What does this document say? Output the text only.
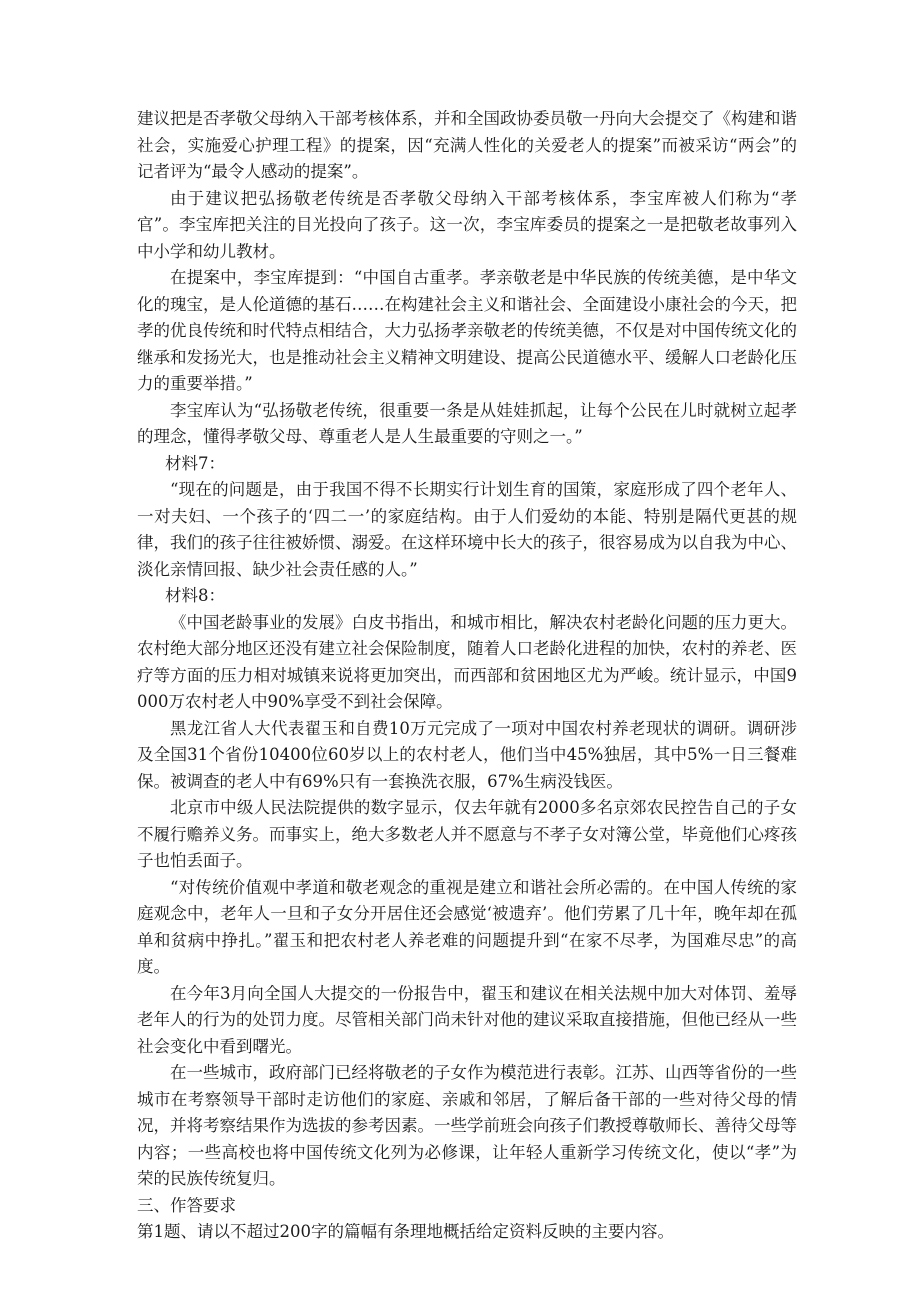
建议把是否孝敬父母纳入干部考核体系，并和全国政协委员敬一丹向大会提交了《构建和谐社会，实施爱心护理工程》的提案，因“充满人性化的关爱老人的提案”而被采访“两会”的记者评为“最令人感动的提案”。

由于建议把弘扬敬老传统是否孝敬父母纳入干部考核体系，李宝库被人们称为“孝官”。李宝库把关注的目光投向了孩子。这一次，李宝库委员的提案之一是把敬老故事列入中小学和幼儿教材。

在提案中，李宝库提到：“中国自古重孝。孝亲敬老是中华民族的传统美德，是中华文化的瑰宝，是人伦道德的基石……在构建社会主义和谐社会、全面建设小康社会的今天，把孝的优良传统和时代特点相结合，大力弘扬孝亲敬老的传统美德，不仅是对中国传统文化的继承和发扬光大，也是推动社会主义精神文明建设、提高公民道德水平、缓解人口老龄化压力的重要举措。”

李宝库认为“弘扬敬老传统，很重要一条是从娃娃抓起，让每个公民在儿时就树立起孝的理念，懂得孝敬父母、尊重老人是人生最重要的守则之一。”

材料7：

“现在的问题是，由于我国不得不长期实行计划生育的国策，家庭形成了四个老年人、一对夫妇、一个孩子的‘四二一’的家庭结构。由于人们爱幼的本能、特别是隔代更甚的规律，我们的孩子往往被娇惯、溺爱。在这样环境中长大的孩子，很容易成为以自我为中心、淡化亲情回报、缺少社会责任感的人。”

材料8：

《中国老龄事业的发展》白皮书指出，和城市相比，解决农村老龄化问题的压力更大。农村绝大部分地区还没有建立社会保险制度，随着人口老龄化进程的加快，农村的养老、医疗等方面的压力相对城镇来说将更加突出，而西部和贫困地区尤为严峻。统计显示，中国9000万农村老人中90%享受不到社会保障。

黑龙江省人大代表翟玉和自费10万元完成了一项对中国农村养老现状的调研。调研涉及全国31个省份10400位60岁以上的农村老人，他们当中45%独居，其中5%一日三餐难保。被调查的老人中有69%只有一套换洗衣服，67%生病没钱医。

北京市中级人民法院提供的数字显示，仅去年就有2000多名京郊农民控告自己的子女不履行赡养义务。而事实上，绝大多数老人并不愿意与不孝子女对簿公堂，毕竟他们心疼孩子也怕丢面子。

“对传统价值观中孝道和敬老观念的重视是建立和谐社会所必需的。在中国人传统的家庭观念中，老年人一旦和子女分开居住还会感觉‘被遗弃’。他们劳累了几十年，晚年却在孤单和贫病中挣扎。”翟玉和把农村老人养老难的问题提升到“在家不尽孝，为国难尽忠”的高度。

在今年3月向全国人大提交的一份报告中，翟玉和建议在相关法规中加大对体罚、羞辱老年人的行为的处罚力度。尽管相关部门尚未针对他的建议采取直接措施，但他已经从一些社会变化中看到曙光。

在一些城市，政府部门已经将敬老的子女作为模范进行表彰。江苏、山西等省份的一些城市在考察领导干部时走访他们的家庭、亲戚和邻居，了解后备干部的一些对待父母的情况，并将考察结果作为选拔的参考因素。一些学前班会向孩子们教授尊敬师长、善待父母等内容；一些高校也将中国传统文化列为必修课，让年轻人重新学习传统文化，使以“孝”为荣的民族传统复归。

三、作答要求

第1题、请以不超过200字的篇幅有条理地概括给定资料反映的主要内容。
